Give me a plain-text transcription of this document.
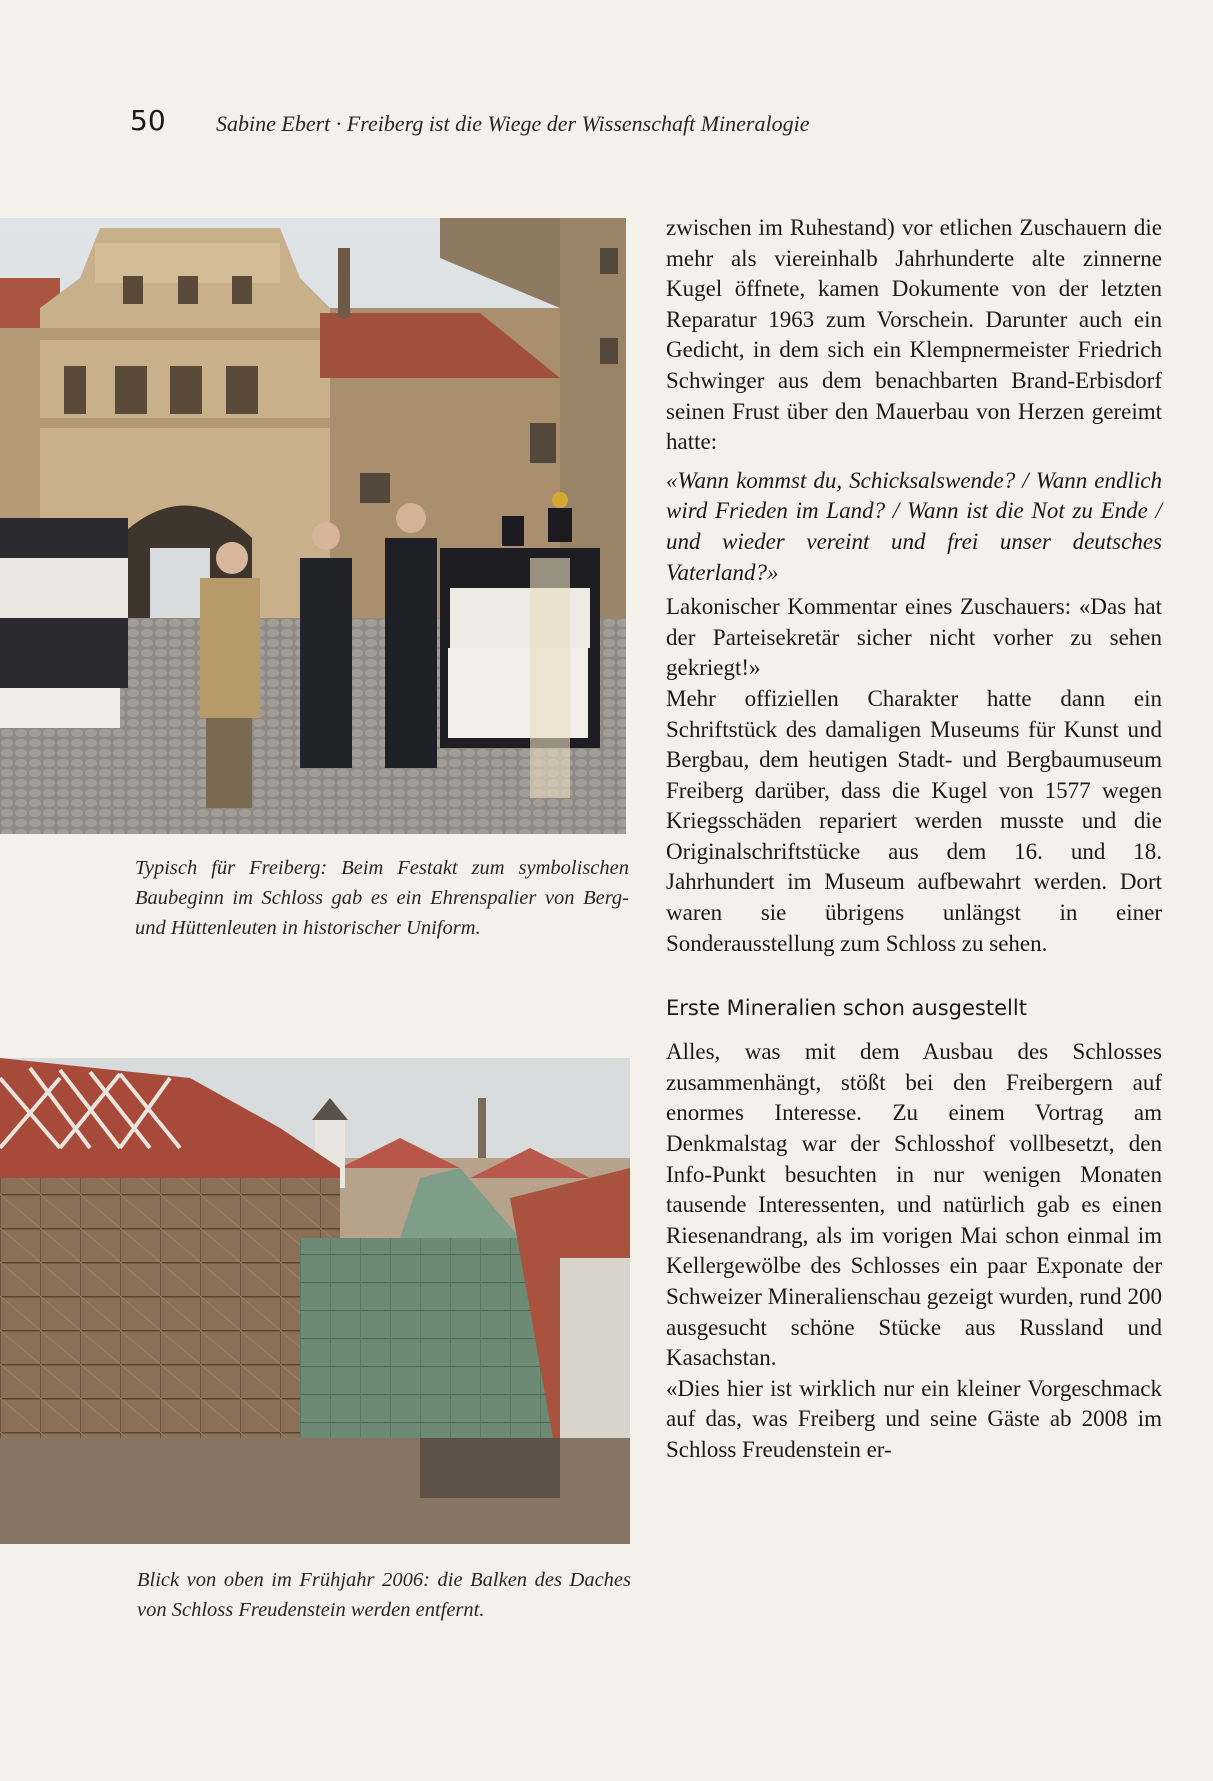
50 Sabine Ebert · Freiberg ist die Wiege der Wissenschaft Mineralogie
Typisch für Freiberg: Beim Festakt zum symbolischen Baubeginn im Schloss gab es ein Ehrenspalier von Berg- und Hüttenleuten in historischer Uniform.
Blick von oben im Frühjahr 2006: die Balken des Daches von Schloss Freudenstein werden entfernt.

zwischen im Ruhestand) vor etlichen Zuschauern die mehr als viereinhalb Jahrhunderte alte zinnerne Kugel öffnete, kamen Dokumente von der letzten Reparatur 1963 zum Vorschein. Darunter auch ein Gedicht, in dem sich ein Klempnermeister Friedrich Schwinger aus dem benachbarten Brand-Erbisdorf seinen Frust über den Mauerbau von Herzen gereimt hatte:

«Wann kommst du, Schicksalswende? / Wann endlich wird Frieden im Land? / Wann ist die Not zu Ende / und wieder vereint und frei unser deutsches Vaterland?»

Lakonischer Kommentar eines Zuschauers: «Das hat der Parteisekretär sicher nicht vorher zu sehen gekriegt!»

Mehr offiziellen Charakter hatte dann ein Schriftstück des damaligen Museums für Kunst und Bergbau, dem heutigen Stadt- und Bergbaumuseum Freiberg darüber, dass die Kugel von 1577 wegen Kriegsschäden repariert werden musste und die Originalschriftstücke aus dem 16. und 18. Jahrhundert im Museum aufbewahrt werden. Dort waren sie übrigens unlängst in einer Sonderausstellung zum Schloss zu sehen.

Erste Mineralien schon ausgestellt

Alles, was mit dem Ausbau des Schlosses zusammenhängt, stößt bei den Freibergern auf enormes Interesse. Zu einem Vortrag am Denkmalstag war der Schlosshof vollbesetzt, den Info-Punkt besuchten in nur wenigen Monaten tausende Interessenten, und natürlich gab es einen Riesenandrang, als im vorigen Mai schon einmal im Kellergewölbe des Schlosses ein paar Exponate der Schweizer Mineralienschau gezeigt wurden, rund 200 ausgesucht schöne Stücke aus Russland und Kasachstan.

«Dies hier ist wirklich nur ein kleiner Vorgeschmack auf das, was Freiberg und seine Gäste ab 2008 im Schloss Freudenstein er-
